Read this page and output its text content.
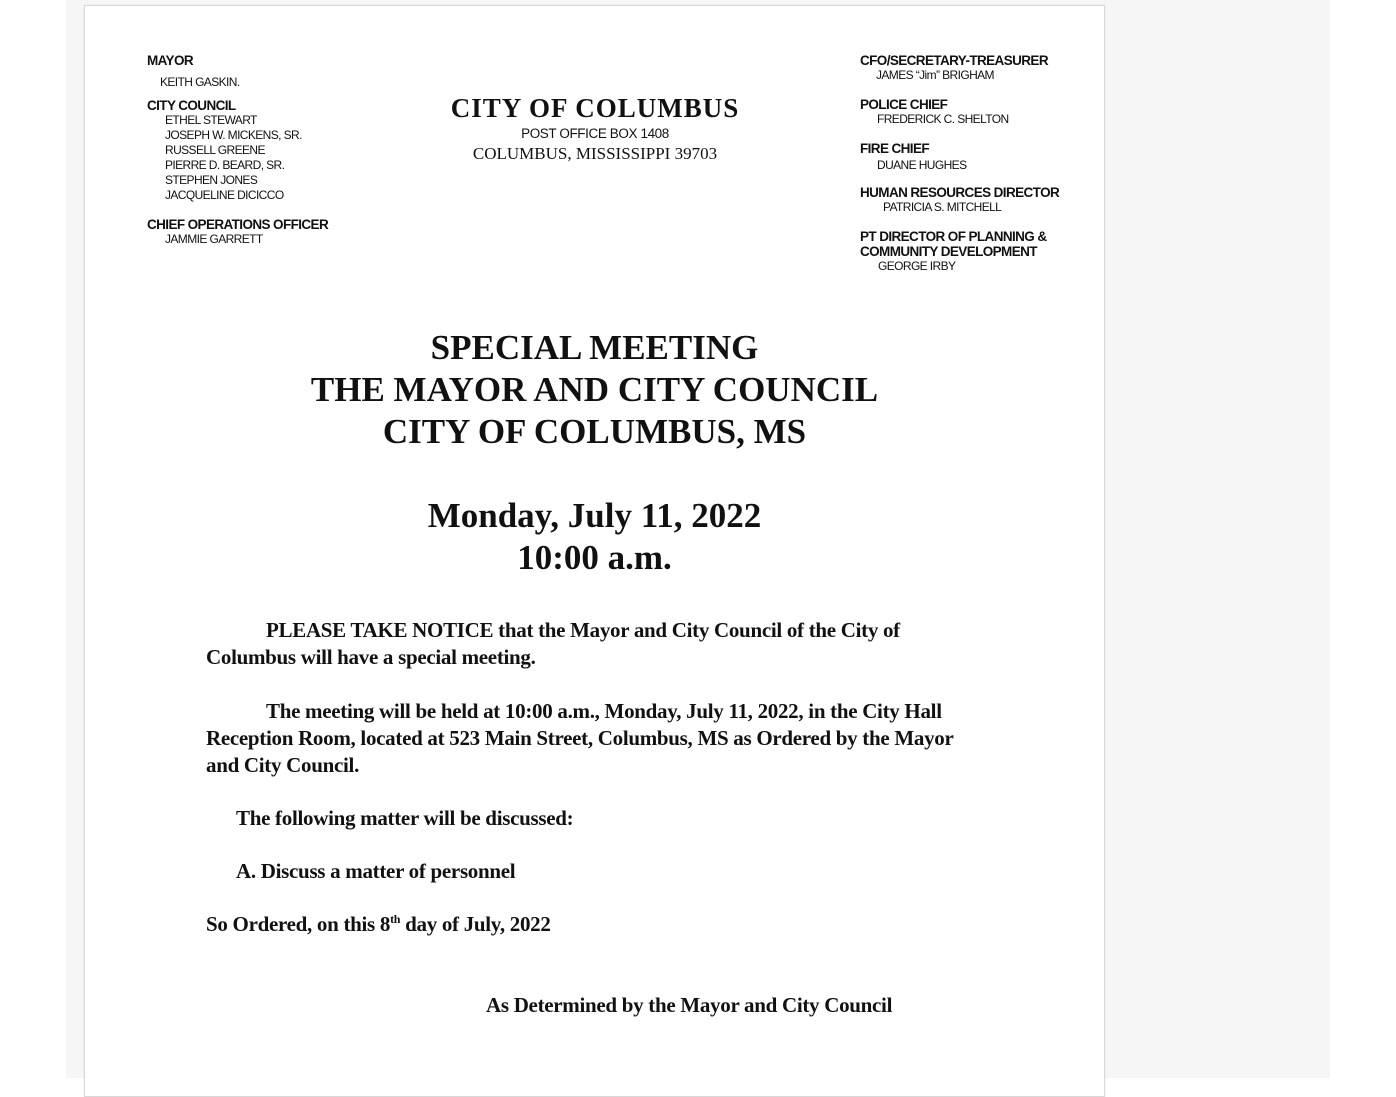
MAYOR
KEITH GASKIN.
CITY COUNCIL
ETHEL STEWART
JOSEPH W. MICKENS, SR.
RUSSELL GREENE
PIERRE D. BEARD, SR.
STEPHEN JONES
JACQUELINE DICICCO
CHIEF OPERATIONS OFFICER
JAMMIE GARRETT
CITY OF COLUMBUS
POST OFFICE BOX 1408
COLUMBUS, MISSISSIPPI 39703
CFO/SECRETARY-TREASURER
JAMES “Jim” BRIGHAM
POLICE CHIEF
FREDERICK C. SHELTON
FIRE CHIEF
DUANE HUGHES
HUMAN RESOURCES DIRECTOR
PATRICIA S. MITCHELL
PT DIRECTOR OF PLANNING &
COMMUNITY DEVELOPMENT
GEORGE IRBY
SPECIAL MEETING
THE MAYOR AND CITY COUNCIL
CITY OF COLUMBUS, MS
Monday, July 11, 2022
10:00 a.m.
PLEASE TAKE NOTICE that the Mayor and City Council of the City of Columbus will have a special meeting.
The meeting will be held at 10:00 a.m., Monday, July 11, 2022, in the City Hall Reception Room, located at 523 Main Street, Columbus, MS as Ordered by the Mayor and City Council.
The following matter will be discussed:
A. Discuss a matter of personnel
So Ordered, on this 8th day of July, 2022
As Determined by the Mayor and City Council
